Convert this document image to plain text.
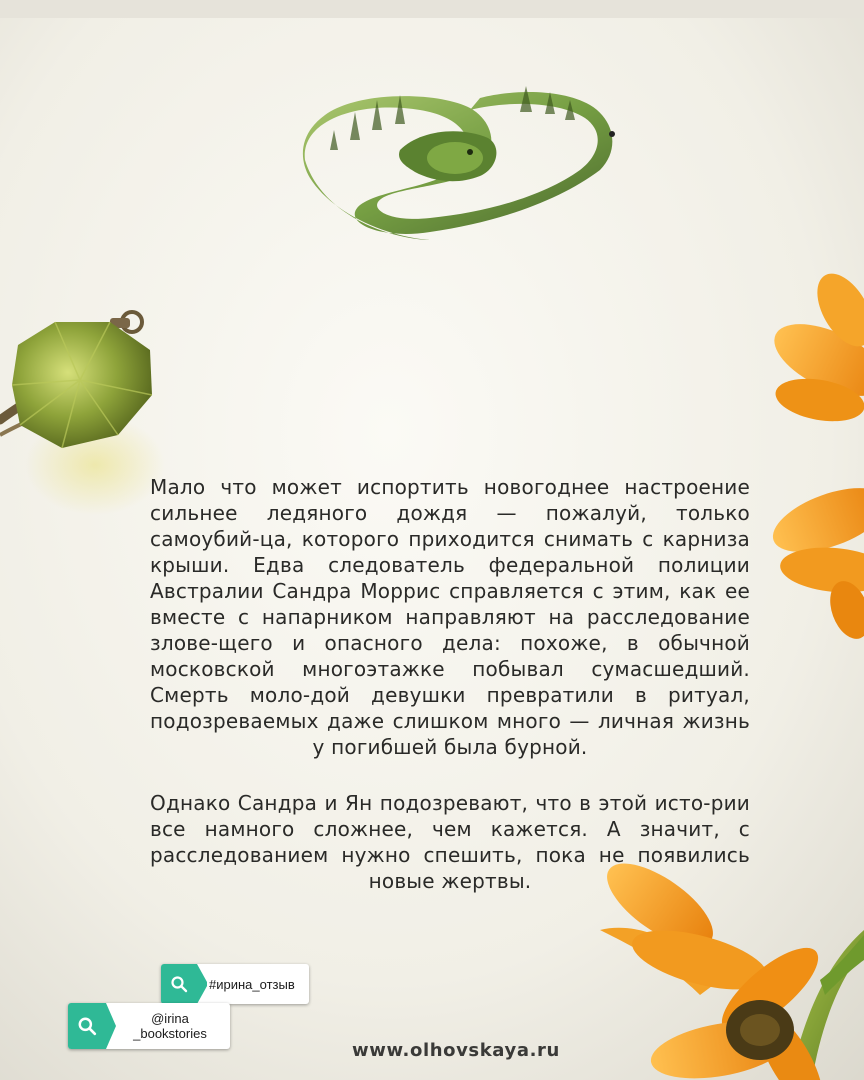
Мало что может испортить новогоднее настроение сильнее ледяного дождя — пожалуй, только самоубий-ца, которого приходится снимать с карниза крыши. Едва следователь федеральной полиции Австралии Сандра Моррис справляется с этим, как ее вместе с напарником направляют на расследование злове-щего и опасного дела: похоже, в обычной московской многоэтажке побывал сумасшедший. Смерть моло-дой девушки превратили в ритуал, подозреваемых даже слишком много — личная жизнь у погибшей была бурной.

Однако Сандра и Ян подозревают, что в этой исто-рии все намного сложнее, чем кажется. А значит, с расследованием нужно спешить, пока не появились новые жертвы.

#ирина_отзыв
@irina _bookstories
www.olhovskaya.ru
